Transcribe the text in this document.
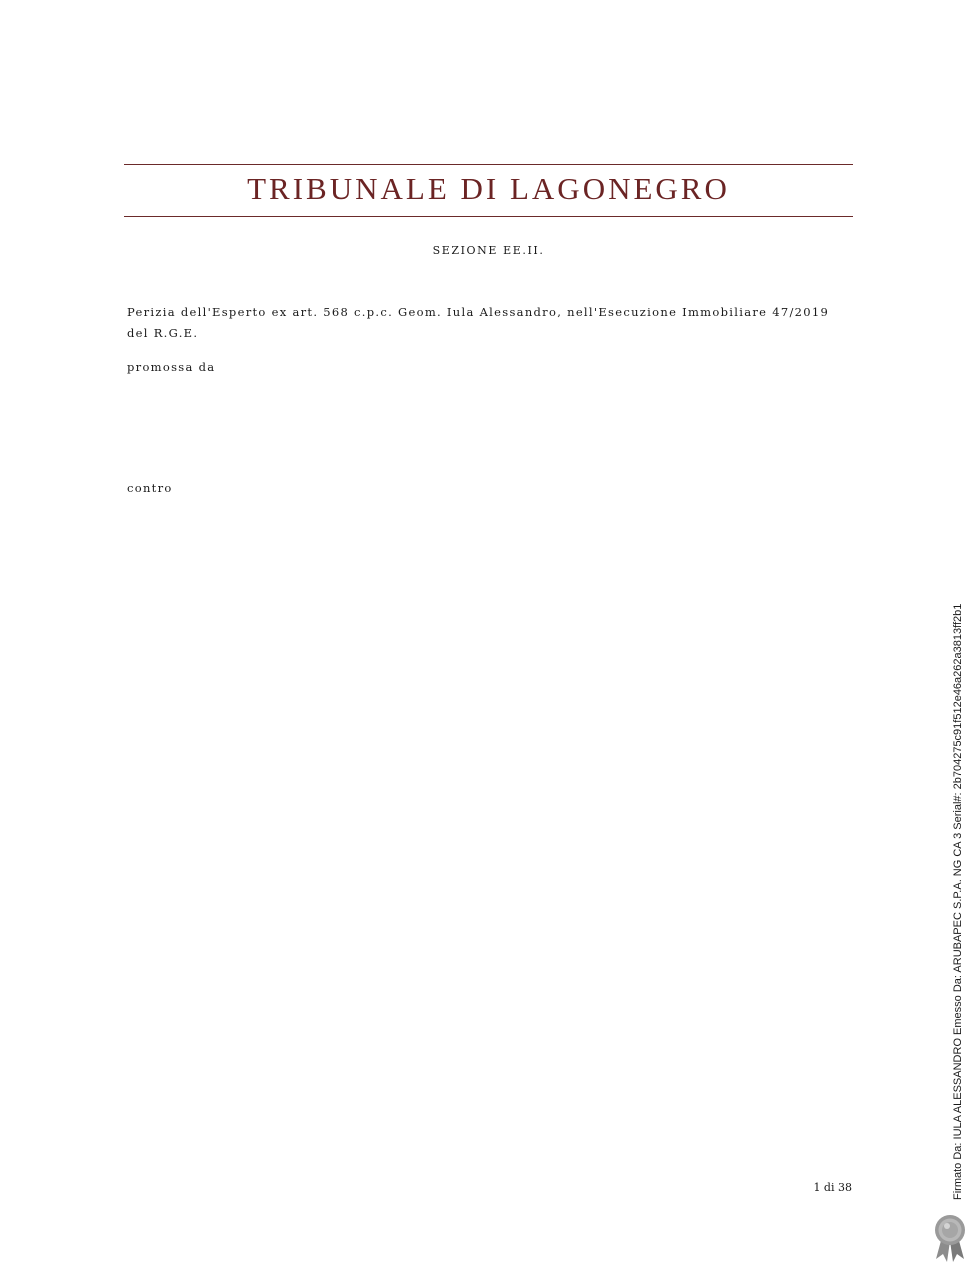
TRIBUNALE DI LAGONEGRO
SEZIONE EE.II.
Perizia dell'Esperto ex art. 568 c.p.c. Geom. Iula Alessandro, nell'Esecuzione Immobiliare 47/2019 del R.G.E.
promossa da
contro
1 di 38	Firmato Da: IULA ALESSANDRO Emesso Da: ARUBAPEC S.P.A. NG CA 3 Serial#: 2b704275c91f512e46a262a3813ff2b1
